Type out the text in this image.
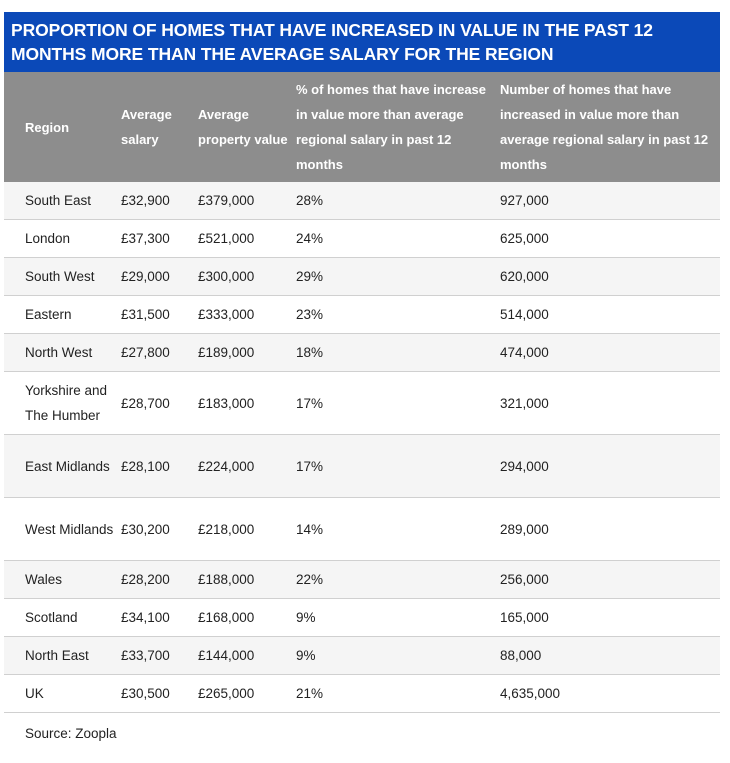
PROPORTION OF HOMES THAT HAVE INCREASED IN VALUE IN THE PAST 12 MONTHS MORE THAN THE AVERAGE SALARY FOR THE REGION
Region	Average salary	Average property value	% of homes that have increase in value more than average regional salary in past 12 months	Number of homes that have increased in value more than average regional salary in past 12 months
South East	£32,900	£379,000	28%	927,000
London	£37,300	£521,000	24%	625,000
South West	£29,000	£300,000	29%	620,000
Eastern	£31,500	£333,000	23%	514,000
North West	£27,800	£189,000	18%	474,000
Yorkshire and The Humber	£28,700	£183,000	17%	321,000
East Midlands	£28,100	£224,000	17%	294,000
West Midlands	£30,200	£218,000	14%	289,000
Wales	£28,200	£188,000	22%	256,000
Scotland	£34,100	£168,000	9%	165,000
North East	£33,700	£144,000	9%	88,000
UK	£30,500	£265,000	21%	4,635,000
Source: Zoopla				
